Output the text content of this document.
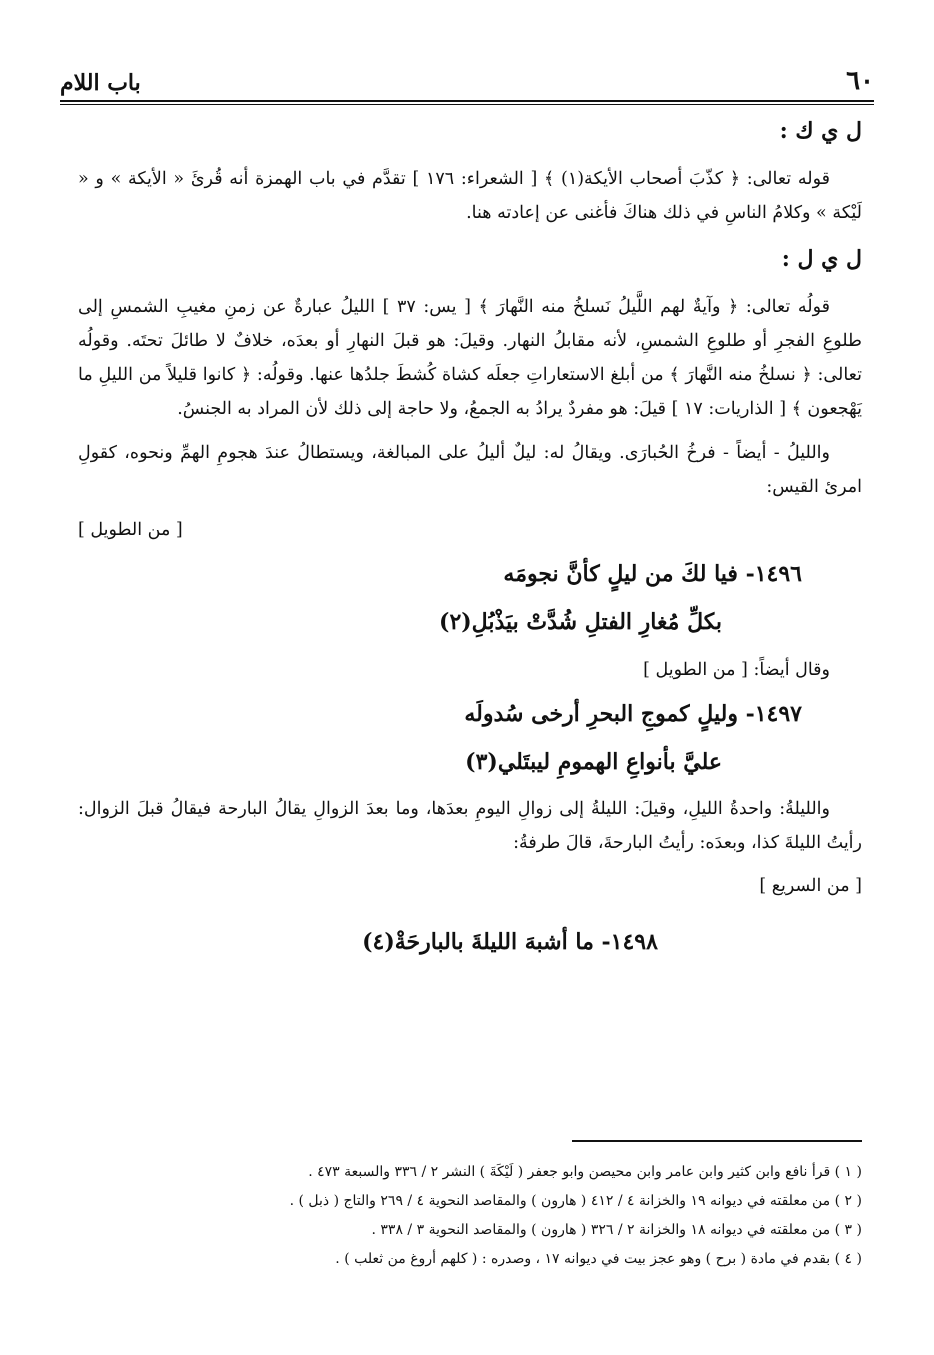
٦٠
باب اللام
ل ي ك :

قوله تعالى: ﴿ كذّبَ أصحاب الأيكة(١) ﴾ [ الشعراء: ١٧٦ ] تقدَّم في باب الهمزة أنه قُرئَ « الأيكة » و « لَيْكة » وكلامُ الناسِ في ذلك هناكَ فأغنى عن إعادته هنا.

ل ي ل :

قولُه تعالى: ﴿ وآيةٌ لهم اللَّيلُ نَسلخُ منه النَّهارَ ﴾ [ يس: ٣٧ ] الليلُ عبارةٌ عن زمنِ مغيبِ الشمسِ إلى طلوعِ الفجرِ أو طلوعِ الشمسِ، لأنه مقابلُ النهار. وقيلَ: هو قبلَ النهارِ أو بعدَه، خلافٌ لا طائلَ تحتَه. وقولُه تعالى: ﴿ نسلخُ منه النَّهارَ ﴾ من أبلغ الاستعاراتِ جعلَه كشاة كُشطَ جلدُها عنها. وقولُه: ﴿ كانوا قليلاً من الليلِ ما يَهْجعون ﴾ [ الذاريات: ١٧ ] قيلَ: هو مفردٌ يرادُ به الجمعُ، ولا حاجة إلى ذلك لأن المراد به الجنسُ.

والليلُ - أيضاً - فرخُ الحُبارَى. ويقالُ له: ليلٌ أليلُ على المبالغة، ويستطالُ عندَ هجومِ الهمِّ ونحوه، كقولِ امرئ القيس:

[ من الطويل ]
١٤٩٦- فيا لكَ من ليلٍ كأنَّ نجومَه
بكلِّ مُغارِ الفتلِ شُدَّتْ بيَذْبُلِ(٢)
وقال أيضاً: [ من الطويل ]
١٤٩٧- وليلٍ كموجِ البحرِ أرخى سُدولَه
عليَّ بأنواعِ الهمومِ ليبتَلي(٣)

والليلةُ: واحدةُ الليلِ، وقيلَ: الليلةُ إلى زوالِ اليومِ بعدَها، وما بعدَ الزوالِ يقالُ البارحة فيقالُ قبلَ الزوال: رأيتُ الليلةَ كذا، وبعدَه: رأيتُ البارحةَ، قالَ طرفةُ:

[ من السريع ]
١٤٩٨- ما أشبهَ الليلةَ بالبارحَةْ(٤)

( ١ ) قرأ نافع وابن كثير وابن عامر وابن محيصن وابو جعفر ( لَيْكَةَ ) النشر ٢ / ٣٣٦ والسبعة ٤٧٣ .

( ٢ ) من معلقته في ديوانه ١٩ والخزانة ٤ / ٤١٢ ( هارون ) والمقاصد النحوية ٤ / ٢٦٩ والتاج ( ذبل ) .

( ٣ ) من معلقته في ديوانه ١٨ والخزانة ٢ / ٣٢٦ ( هارون ) والمقاصد النحوية ٣ / ٣٣٨ .

( ٤ ) بقدم في مادة ( برح ) وهو عجز بيت في ديوانه ١٧ ، وصدره : ( كلهم أروغ من ثعلب ) .
